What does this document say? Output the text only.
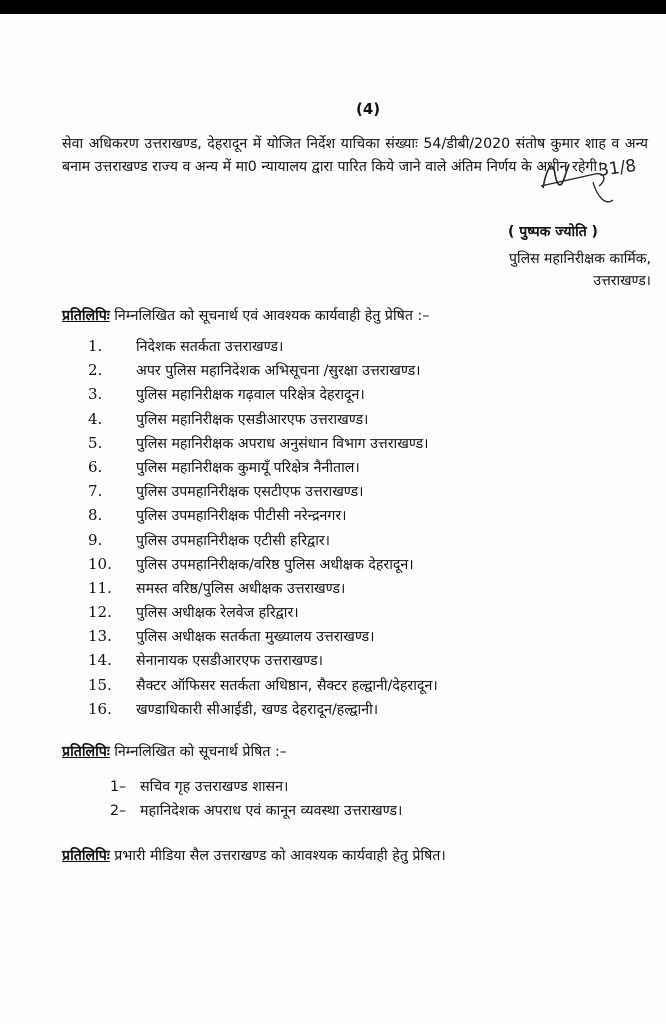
(4)
सेवा अधिकरण उत्तराखण्ड, देहरादून में योजित निर्देश याचिका संख्याः 54/डीबी/2020 संतोष कुमार शाह व अन्य बनाम उत्तराखण्ड राज्य व अन्य में मा0 न्यायालय द्वारा पारित किये जाने वाले अंतिम निर्णय के अधीन रहेगी।
31/8
( पुष्पक ज्योति )
पुलिस महानिरीक्षक कार्मिक,
उत्तराखण्ड।
प्रतिलिपिः निम्नलिखित को सूचनार्थ एवं आवश्यक कार्यवाही हेतु प्रेषित :–
1. निदेशक सतर्कता उत्तराखण्ड।
2. अपर पुलिस महानिदेशक अभिसूचना /सुरक्षा उत्तराखण्ड।
3. पुलिस महानिरीक्षक गढ़वाल परिक्षेत्र देहरादून।
4. पुलिस महानिरीक्षक एसडीआरएफ उत्तराखण्ड।
5. पुलिस महानिरीक्षक अपराध अनुसंधान विभाग उत्तराखण्ड।
6. पुलिस महानिरीक्षक कुमायूँ परिक्षेत्र नैनीताल।
7. पुलिस उपमहानिरीक्षक एसटीएफ उत्तराखण्ड।
8. पुलिस उपमहानिरीक्षक पीटीसी नरेन्द्रनगर।
9. पुलिस उपमहानिरीक्षक एटीसी हरिद्वार।
10. पुलिस उपमहानिरीक्षक/वरिष्ठ पुलिस अधीक्षक देहरादून।
11. समस्त वरिष्ठ/पुलिस अधीक्षक उत्तराखण्ड।
12. पुलिस अधीक्षक रेलवेज हरिद्वार।
13. पुलिस अधीक्षक सतर्कता मुख्यालय उत्तराखण्ड।
14. सेनानायक एसडीआरएफ उत्तराखण्ड।
15. सैक्टर ऑफिसर सतर्कता अधिष्ठान, सैक्टर हल्द्वानी/देहरादून।
16. खण्डाधिकारी सीआईडी, खण्ड देहरादून/हल्द्वानी।
प्रतिलिपिः निम्नलिखित को सूचनार्थ प्रेषित :–
1– सचिव गृह उत्तराखण्ड शासन।
2– महानिदेशक अपराध एवं कानून व्यवस्था उत्तराखण्ड।
प्रतिलिपिः प्रभारी मीडिया सैल उत्तराखण्ड को आवश्यक कार्यवाही हेतु प्रेषित।
